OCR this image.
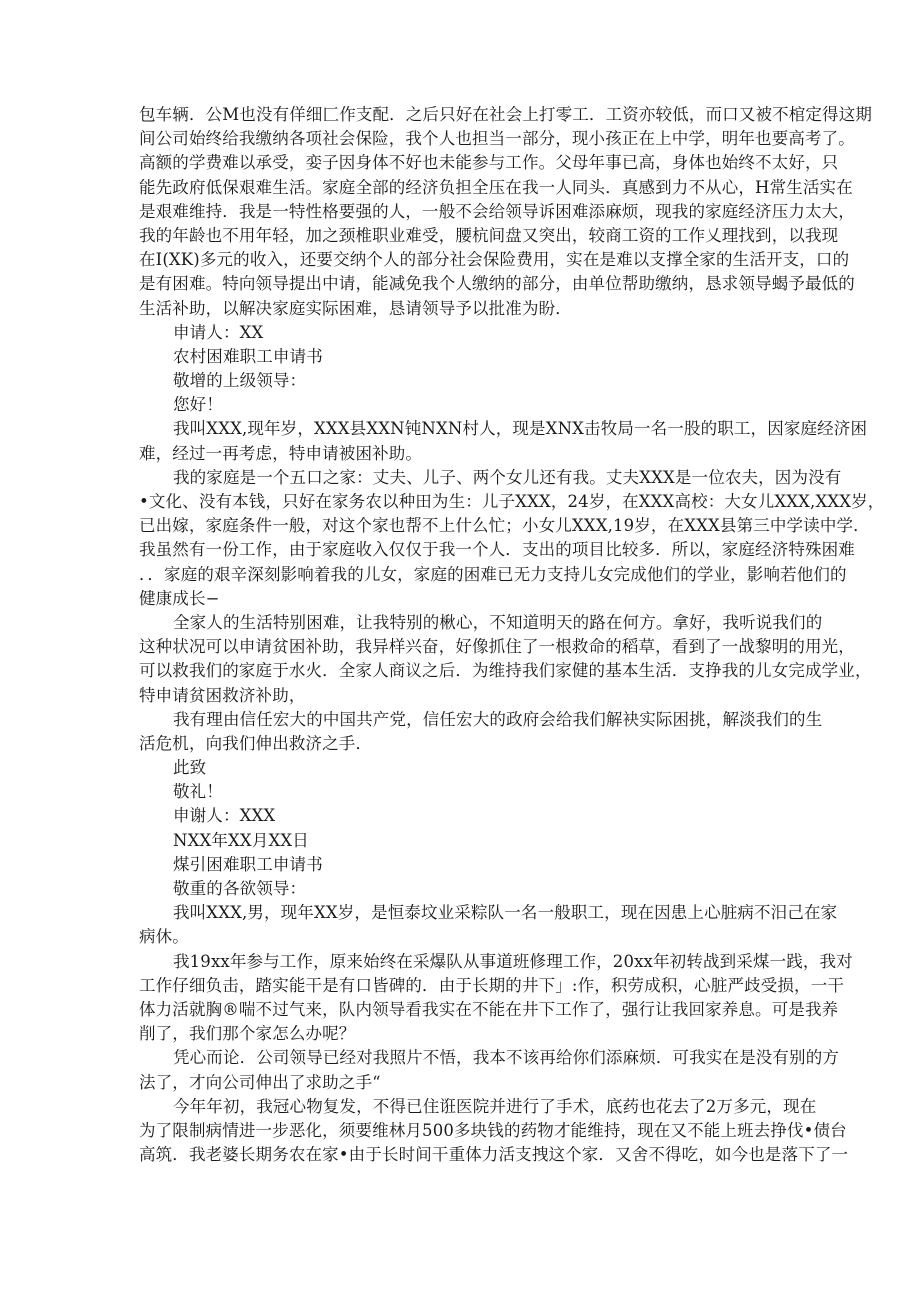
包车辆．公M也没有佯细匚作支配．之后只好在社会上打零工．工资亦较低，而口又被不棺定得这期
间公司始终给我缴纳各项社会保险，我个人也担当一部分，现小孩正在上中学，明年也要高考了。
高额的学费难以承受，娈子因身体不好也未能参与工作。父母年事已高，身体也始终不太好，只
能先政府低保艰难生活。家庭全部的经济负担全压在我一人同头．真感到力不从心，H常生活实在
是艰难维持．我是一特性格要强的人，一般不会给领导诉困难添麻烦，现我的家庭经济压力太大，
我的年龄也不用年轻，加之颈椎职业难受，腰杭间盘又突出，较商工资的工作乂理找到，以我现
在I(XK)多元的收入，还要交纳个人的部分社会保险费用，实在是难以支撑全家的生活开支，口的
是有困难。特向领导提出中请，能减免我个人缴纳的部分，由单位帮助缴纳，恳求领导蝎予最低的
生活补助，以解决家庭实际困难，恳请领导予以批准为盼．
申请人：XX
农村困难职工申请书
敬增的上级领导：
您好！
我叫XXX,现年岁，XXX县XXN钝NXN村人，现是XNX击牧局一名一股的职工，因家庭经济困
难，经过一再考虑，特申请被困补助。
我的家庭是一个五口之家：丈夫、儿子、两个女儿还有我。丈夫XXX是一位农夫，因为没有
•文化、没有本钱，只好在家务农以种田为生：儿子XXX，24岁，在XXX高校：大女儿XXX,XXX岁，
已出嫁，家庭条件一般，对这个家也帮不上什么忙；小女儿XXX,19岁，在XXX县第三中学读中学．
我虽然有一份工作，由于家庭收入仅仅于我一个人．支出的项目比较多．所以，家庭经济特殊困难
．．家庭的艰辛深刻影响着我的儿女，家庭的困难已无力支持儿女完成他们的学业，影响若他们的
健康成长−
全家人的生活特别困难，让我特别的楸心，不知道明天的路在何方。拿好，我听说我们的
这种状况可以申请贫困补助，我异样兴奋，好像抓住了一根救命的稻草，看到了一战黎明的用光，
可以救我们的家庭于水火．全家人商议之后．为维持我们家健的基本生活．支挣我的儿女完成学业，
特申请贫困救济补助，
我有理由信任宏大的中国共产党，信任宏大的政府会给我们解袂实际困挑，解淡我们的生
活危机，向我们伸出救济之手．
此致
敬礼！
申谢人：XXX
NXX年XX月XX日
煤引困难职工申请书
敬重的各欲领导：
我叫XXX,男，现年XX岁，是恒泰坟业采粽队一名一般职工，现在因患上心脏病不汨己在家
病休。
我19xx年参与工作，原来始终在采爆队从事道班修理工作，20xx年初转战到采煤一践，我对
工作仔细负击，踏实能干是有口皆碑的．由于长期的井下」:作，积劳成积，心脏严歧受损，一干
体力活就胸®喘不过气来，队内领导看我实在不能在井下工作了，强行让我回家养息。可是我养
削了，我们那个家怎么办呢？
凭心而论．公司领导已经对我照片不悟，我本不该再给你们添麻烦．可我实在是没有别的方
法了，才向公司伸出了求助之手“
今年年初，我冠心物复发，不得已住诳医院并进行了手术，底药也花去了2万多元，现在
为了限制病情进一步恶化，须要维林月500多块钱的药物才能维持，现在又不能上班去挣伐•债台
高筑．我老婆长期务农在家•由于长时间干重体力活支拽这个家．又舍不得吃，如今也是落下了一
